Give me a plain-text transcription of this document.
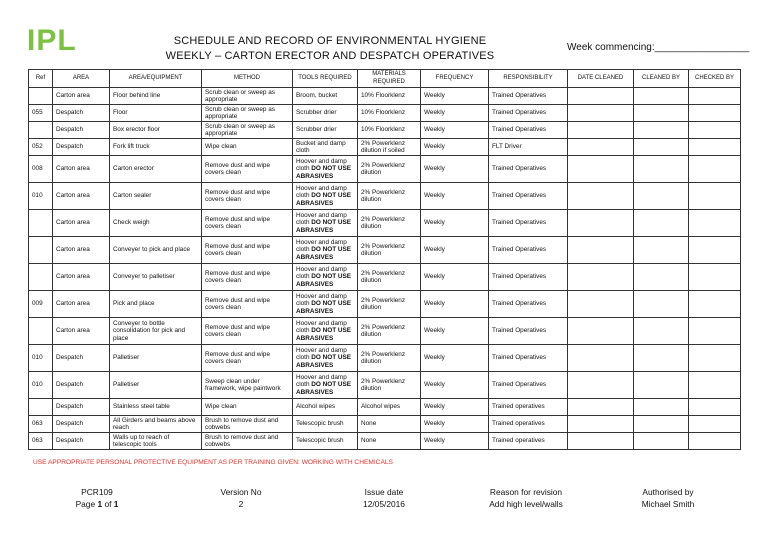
IPL	SCHEDULE AND RECORD OF ENVIRONMENTAL HYGIENE
WEEKLY – CARTON ERECTOR AND DESPATCH OPERATIVES
Week commencing:_________________
Ref	AREA	AREA/EQUIPMENT	METHOD	TOOLS REQUIRED	MATERIALS REQUIRED	FREQUENCY	RESPONSIBILITY	DATE CLEANED	CLEANED BY	CHECKED BY
	Carton area	Floor behind line	Scrub clean or sweep as appropriate	Broom, bucket	10% Floorklenz	Weekly	Trained Operatives			
055	Despatch	Floor	Scrub clean or sweep as appropriate	Scrubber drier	10% Floorklenz	Weekly	Trained Operatives			
	Despatch	Box erector floor	Scrub clean or sweep as appropriate	Scrubber drier	10% Floorklenz	Weekly	Trained Operatives			
052	Despatch	Fork lift truck	Wipe clean	Bucket and damp cloth	2% Powerklenz dilution if soiled	Weekly	FLT Driver			
008	Carton area	Carton erector	Remove dust and wipe covers clean	Hoover and damp cloth DO NOT USE ABRASIVES	2% Powerklenz dilution	Weekly	Trained Operatives			
010	Carton area	Carton sealer	Remove dust and wipe covers clean	Hoover and damp cloth DO NOT USE ABRASIVES	2% Powerklenz dilution	Weekly	Trained Operatives			
	Carton area	Check weigh	Remove dust and wipe covers clean	Hoover and damp cloth DO NOT USE ABRASIVES	2% Powerklenz dilution	Weekly	Trained Operatives			
	Carton area	Conveyer to pick and place	Remove dust and wipe covers clean	Hoover and damp cloth DO NOT USE ABRASIVES	2% Powerklenz dilution	Weekly	Trained Operatives			
	Carton area	Conveyer to palletiser	Remove dust and wipe covers clean	Hoover and damp cloth DO NOT USE ABRASIVES	2% Powerklenz dilution	Weekly	Trained Operatives			
009	Carton area	Pick and place	Remove dust and wipe covers clean	Hoover and damp cloth DO NOT USE ABRASIVES	2% Powerklenz dilution	Weekly	Trained Operatives			
	Carton area	Conveyer to bottle consolidation for pick and place	Remove dust and wipe covers clean	Hoover and damp cloth DO NOT USE ABRASIVES	2% Powerklenz dilution	Weekly	Trained Operatives			
010	Despatch	Palletiser	Remove dust and wipe covers clean	Hoover and damp cloth DO NOT USE ABRASIVES	2% Powerklenz dilution	Weekly	Trained Operatives			
010	Despatch	Palletiser	Sweep clean under framework, wipe paintwork	Hoover and damp cloth DO NOT USE ABRASIVES	2% Powerklenz dilution	Weekly	Trained Operatives			
	Despatch	Stainless steel table	Wipe clean	Alcohol wipes	Alcohol wipes	Weekly	Trained operatives			
063	Despatch	All Girders and beams above reach	Brush to remove dust and cobwebs	Telescopic brush	None	Weekly	Trained operatives			
063	Despatch	Walls up to reach of telescopic tools	Brush to remove dust and cobwebs	Telescopic brush	None	Weekly	Trained operatives			
USE APPROPRIATE PERSONAL PROTECTIVE EQUIPMENT AS PER TRAINING GIVEN: WORKING WITH CHEMICALS
PCR109
Page 1 of 1
Version No
2
Issue date
12/05/2016
Reason for revision
Add high level/walls
Authorised by
Michael Smith
